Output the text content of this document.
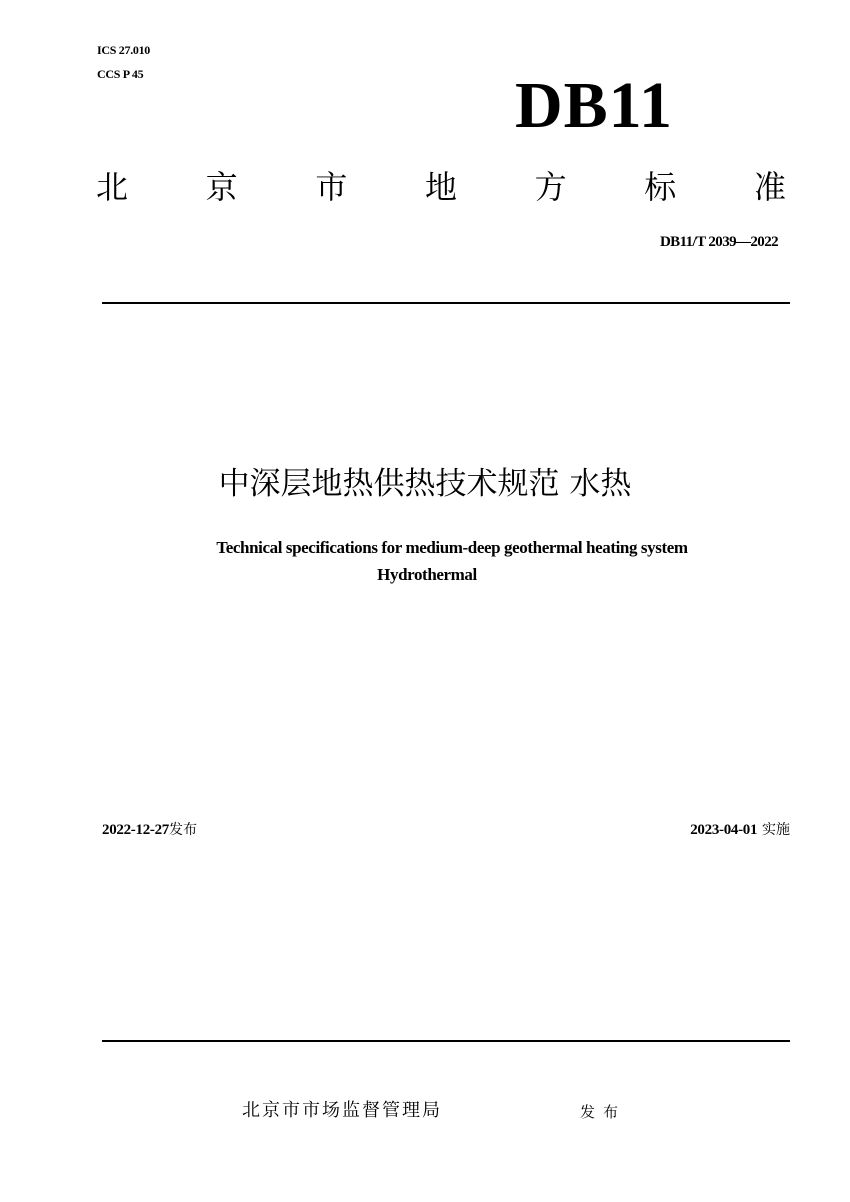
ICS 27.010
CCS P 45	DB11
北 京 市 地 方 标 准
DB11/T 2039—2022
中深层地热供热技术规范 水热
Technical specifications for medium-deep geothermal heating system
Hydrothermal
2022-12-27发布	2023-04-01 实施
北京市市场监督管理局	发布
